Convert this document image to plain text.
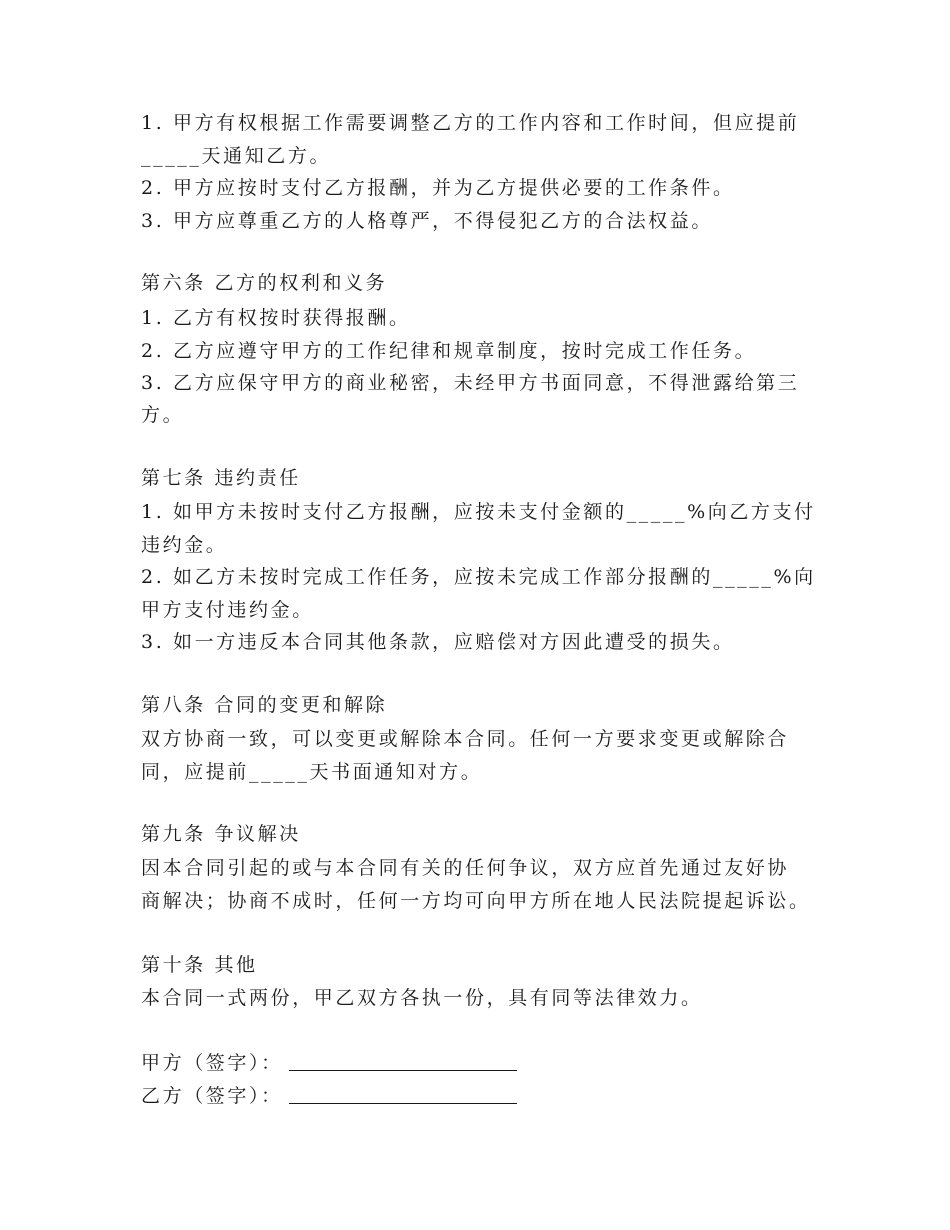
1. 甲方有权根据工作需要调整乙方的工作内容和工作时间，但应提前
_____天通知乙方。
2. 甲方应按时支付乙方报酬，并为乙方提供必要的工作条件。
3. 甲方应尊重乙方的人格尊严，不得侵犯乙方的合法权益。
第六条 乙方的权利和义务
1. 乙方有权按时获得报酬。
2. 乙方应遵守甲方的工作纪律和规章制度，按时完成工作任务。
3. 乙方应保守甲方的商业秘密，未经甲方书面同意，不得泄露给第三
方。
第七条 违约责任
1. 如甲方未按时支付乙方报酬，应按未支付金额的_____%向乙方支付
违约金。
2. 如乙方未按时完成工作任务，应按未完成工作部分报酬的_____%向
甲方支付违约金。
3. 如一方违反本合同其他条款，应赔偿对方因此遭受的损失。
第八条 合同的变更和解除
双方协商一致，可以变更或解除本合同。任何一方要求变更或解除合
同，应提前_____天书面通知对方。
第九条 争议解决
因本合同引起的或与本合同有关的任何争议，双方应首先通过友好协
商解决；协商不成时，任何一方均可向甲方所在地人民法院提起诉讼。
第十条 其他
本合同一式两份，甲乙双方各执一份，具有同等法律效力。
甲方（签字）：
乙方（签字）：
